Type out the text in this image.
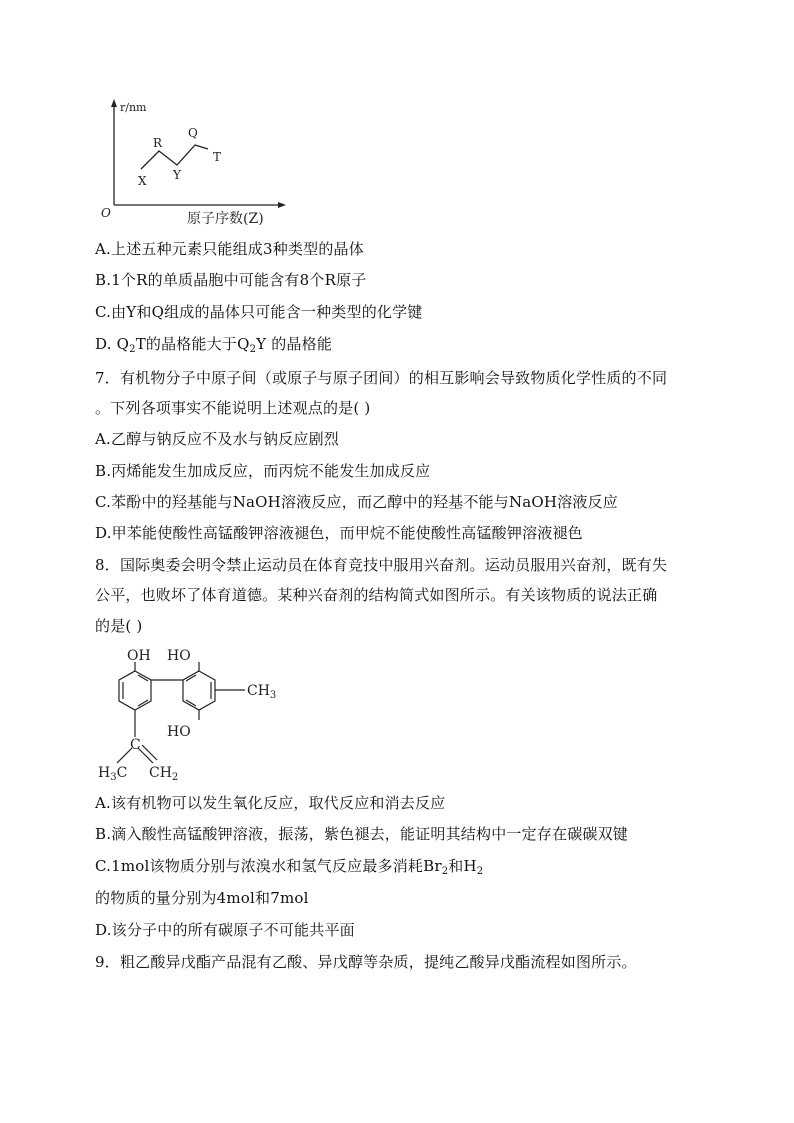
r/nm
O
X
R
Y
Q
T
原子序数(Z)
A.上述五种元素只能组成3种类型的晶体
B.1个R的单质晶胞中可能含有8个R原子
C.由Y和Q组成的晶体只可能含一种类型的化学键
D. $Q_2T$的晶格能大于$Q_2Y$ 的晶格能
7．有机物分子中原子间（或原子与原子团间）的相互影响会导致物质化学性质的不同
。下列各项事实不能说明上述观点的是( )
A.乙醇与钠反应不及水与钠反应剧烈
B.丙烯能发生加成反应，而丙烷不能发生加成反应
C.苯酚中的羟基能与NaOH溶液反应，而乙醇中的羟基不能与NaOH溶液反应
D.甲苯能使酸性高锰酸钾溶液褪色，而甲烷不能使酸性高锰酸钾溶液褪色
8．国际奥委会明令禁止运动员在体育竞技中服用兴奋剂。运动员服用兴奋剂，既有失
公平，也败坏了体育道德。某种兴奋剂的结构简式如图所示。有关该物质的说法正确
的是( )
OH HO
$CH_3$
HO
C
$H_3C$ $CH_2$
A.该有机物可以发生氧化反应，取代反应和消去反应
B.滴入酸性高锰酸钾溶液，振荡，紫色褪去，能证明其结构中一定存在碳碳双键
C.1mol该物质分别与浓溴水和氢气反应最多消耗$Br_2$和$H_2$
的物质的量分别为4mol和7mol
D.该分子中的所有碳原子不可能共平面
9．粗乙酸异戊酯产品混有乙酸、异戊醇等杂质，提纯乙酸异戊酯流程如图所示。
